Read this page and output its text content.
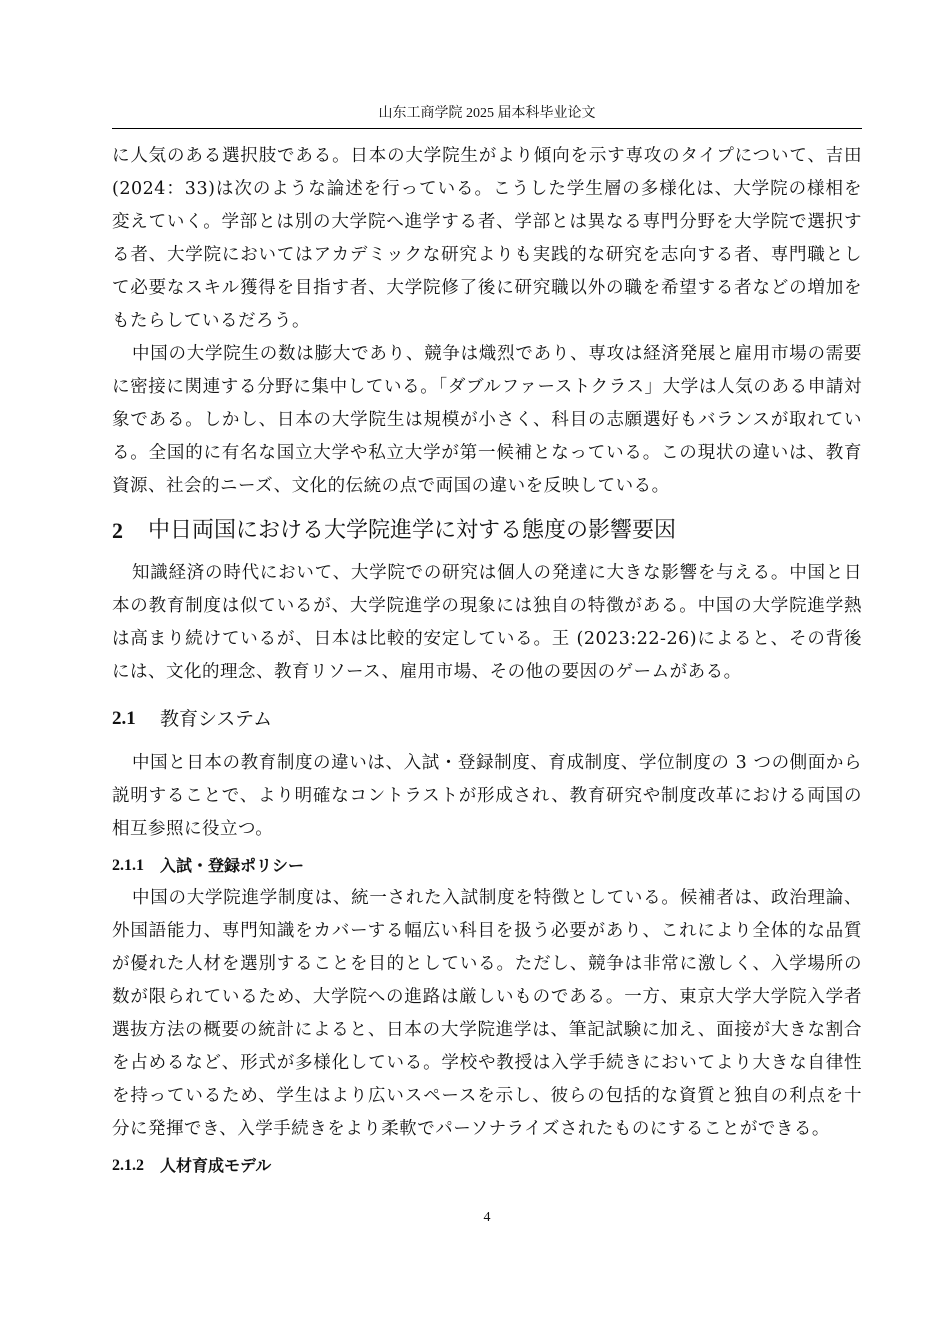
山东工商学院 2025 届本科毕业论文

に人気のある選択肢である。日本の大学院生がより傾向を示す専攻のタイプについて、吉田(2024：33)は次のような論述を行っている。こうした学生層の多様化は、大学院の様相を変えていく。学部とは別の大学院へ進学する者、学部とは異なる専門分野を大学院で選択する者、大学院においてはアカデミックな研究よりも実践的な研究を志向する者、専門職として必要なスキル獲得を目指す者、大学院修了後に研究職以外の職を希望する者などの増加をもたらしているだろう。

中国の大学院生の数は膨大であり、競争は熾烈であり、専攻は経済発展と雇用市場の需要に密接に関連する分野に集中している。「ダブルファーストクラス」大学は人気のある申請対象である。しかし、日本の大学院生は規模が小さく、科目の志願選好もバランスが取れている。全国的に有名な国立大学や私立大学が第一候補となっている。この現状の違いは、教育資源、社会的ニーズ、文化的伝統の点で両国の違いを反映している。

2	中日両国における大学院進学に対する態度の影響要因

知識経済の時代において、大学院での研究は個人の発達に大きな影響を与える。中国と日本の教育制度は似ているが、大学院進学の現象には独自の特徴がある。中国の大学院進学熱は高まり続けているが、日本は比較的安定している。王 (2023:22-26)によると、その背後には、文化的理念、教育リソース、雇用市場、その他の要因のゲームがある。

2.1	教育システム

中国と日本の教育制度の違いは、入試・登録制度、育成制度、学位制度の 3 つの側面から説明することで、より明確なコントラストが形成され、教育研究や制度改革における両国の相互参照に役立つ。

2.1.1	入試・登録ポリシー

中国の大学院進学制度は、統一された入試制度を特徴としている。候補者は、政治理論、外国語能力、専門知識をカバーする幅広い科目を扱う必要があり、これにより全体的な品質が優れた人材を選別することを目的としている。ただし、競争は非常に激しく、入学場所の数が限られているため、大学院への進路は厳しいものである。一方、東京大学大学院入学者選抜方法の概要の統計によると、日本の大学院進学は、筆記試験に加え、面接が大きな割合を占めるなど、形式が多様化している。学校や教授は入学手続きにおいてより大きな自律性を持っているため、学生はより広いスペースを示し、彼らの包括的な資質と独自の利点を十分に発揮でき、入学手続きをより柔軟でパーソナライズされたものにすることができる。

2.1.2	人材育成モデル
4
